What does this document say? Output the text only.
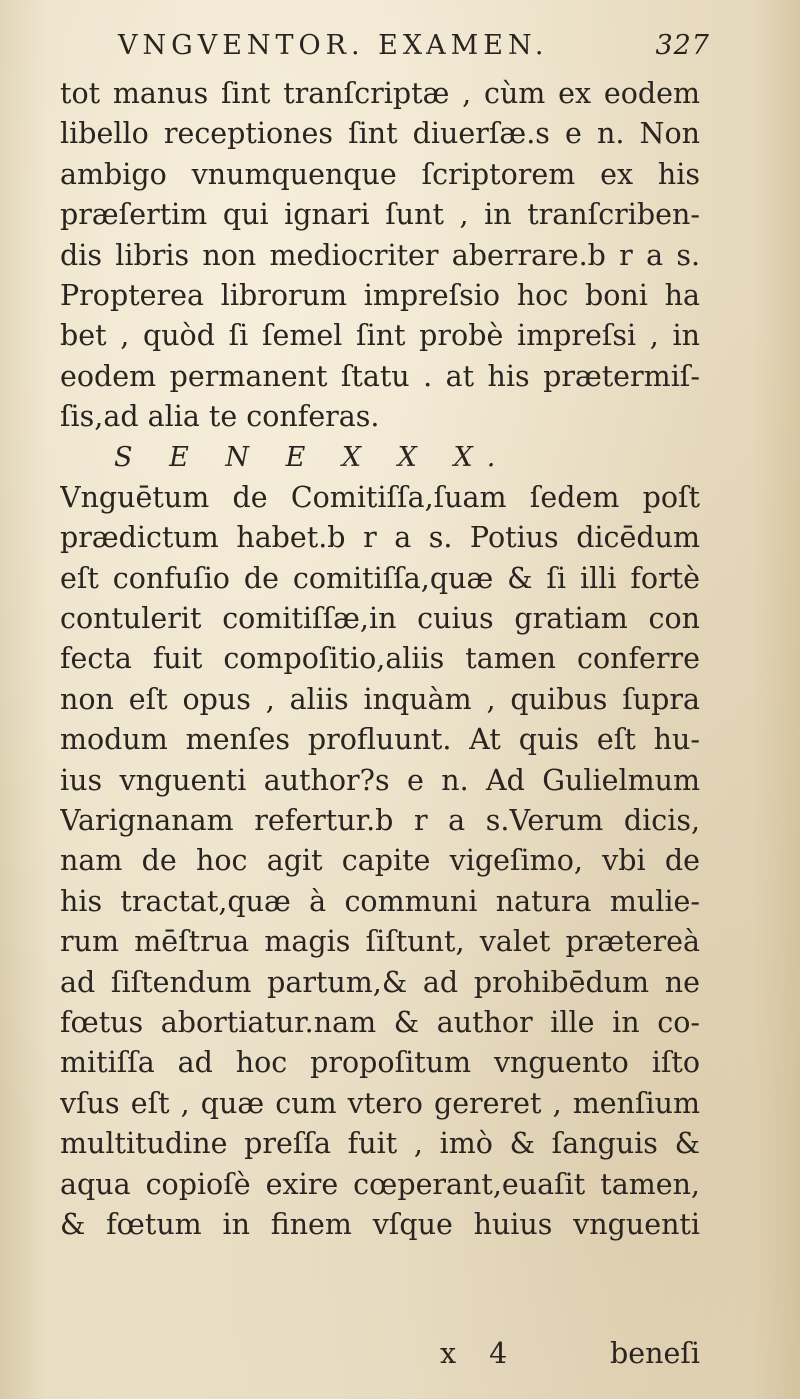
VNGVENTOR. EXAMEN.	327
tot manus ſint tranſcriptæ , cùm ex eodem
libello receptiones ſint diuerſæ.s e n. Non
ambigo vnumquenque ſcriptorem ex his
præſertim qui ignari ſunt , in tranſcriben-
dis libris non mediocriter aberrare.b r a s.
Propterea librorum impreſsio hoc boni ha
bet , quòd ſi ſemel ſint probè impreſsi , in
eodem permanent ſtatu . at his prætermiſ-
ſis,ad alia te conferas.
S E N E X X X.
Vnguētum de Comitiſſa,ſuam ſedem poſt
prædictum habet.b r a s. Potius dicēdum
eſt confuſio de comitiſſa,quæ & ſi illi fortè
contulerit comitiſſæ,in cuius gratiam con
fecta fuit compoſitio,aliis tamen conferre
non eſt opus , aliis inquàm , quibus ſupra
modum menſes profluunt. At quis eſt hu-
ius vnguenti author?s e n. Ad Gulielmum
Varignanam refertur.b r a s.Verum dicis,
nam de hoc agit capite vigeſimo, vbi de
his tractat,quæ à communi natura mulie-
rum mēſtrua magis ſiſtunt, valet prætereà
ad ſiſtendum partum,& ad prohibēdum ne
fœtus abortiatur.nam & author ille in co-
mitiſſa ad hoc propoſitum vnguento iſto
vſus eſt , quæ cum vtero gereret , menſium
multitudine preſſa fuit , imò & ſanguis &
aqua copioſè exire cœperant,euaſit tamen,
& fœtum in finem vſque huius vnguenti
x 4	beneſi
